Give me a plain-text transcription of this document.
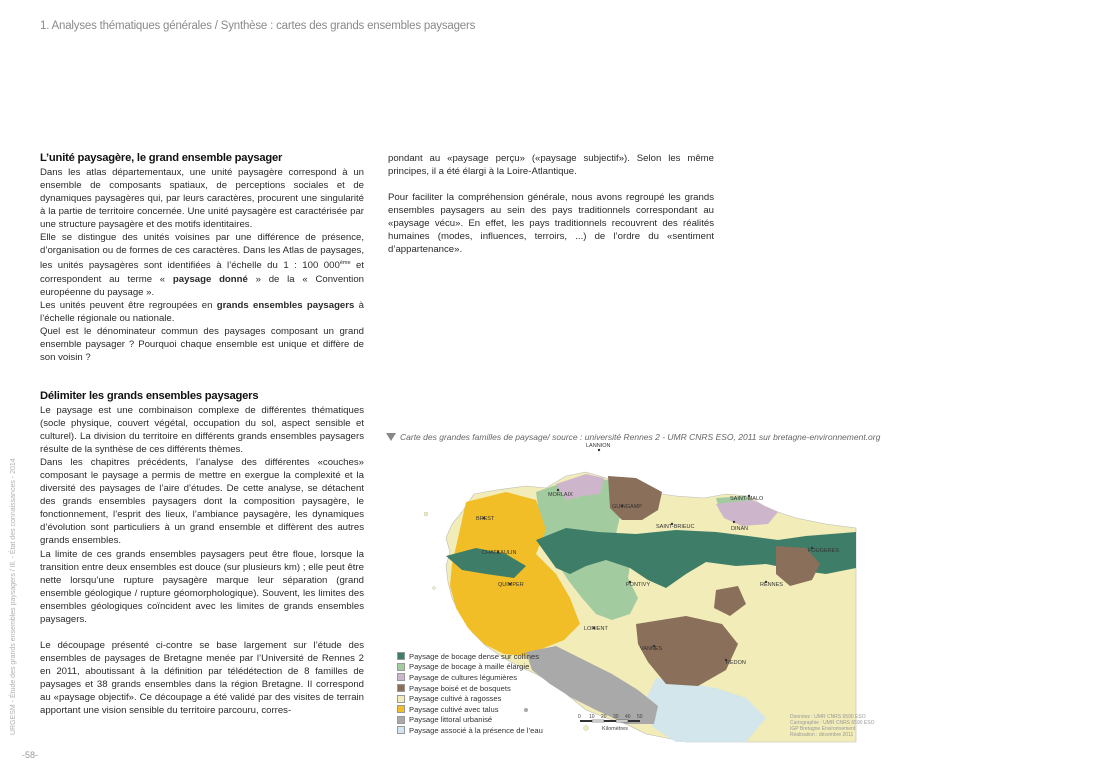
1. Analyses thématiques générales / Synthèse : cartes des grands ensembles paysagers
URGESM - Étude des grands ensembles paysagers / Ill. - État des connaissances - 2014
-58-
L’unité paysagère, le grand ensemble paysager

Dans les atlas départementaux, une unité paysagère correspond à un ensemble de composants spatiaux, de perceptions sociales et de dynamiques paysagères qui, par leurs caractères, procurent une singularité à la partie de territoire concernée. Une unité paysagère est caractérisée par une structure paysagère et des motifs identitaires.

Elle se distingue des unités voisines par une différence de présence, d’organisation ou de formes de ces caractères. Dans les Atlas de paysages, les unités paysagères sont identifiées à l’échelle du 1 : 100 000ème et correspondent au terme « paysage donné » de la « Convention européenne du paysage ».

Les unités peuvent être regroupées en grands ensembles paysagers à l’échelle régionale ou nationale.

Quel est le dénominateur commun des paysages composant un grand ensemble paysager ? Pourquoi chaque ensemble est unique et diffère de son voisin ?

Délimiter les grands ensembles paysagers

Le paysage est une combinaison complexe de différentes thématiques (socle physique, couvert végétal, occupation du sol, aspect sensible et culturel). La division du territoire en différents grands ensembles paysagers résulte de la synthèse de ces différents thèmes.

Dans les chapitres précédents, l’analyse des différentes «couches» composant le paysage a permis de mettre en exergue la complexité et la diversité des paysages de l’aire d’études. De cette analyse, se détachent des grands ensembles paysagers dont la composition paysagère, le fonctionnement, l’esprit des lieux, l’ambiance paysagère, les dynamiques d’évolution sont particuliers à un grand ensemble et diffèrent des autres grands ensembles.

La limite de ces grands ensembles paysagers peut être floue, lorsque la transition entre deux ensembles est douce (sur plusieurs km) ; elle peut être nette lorsqu’une rupture paysagère marque leur séparation (grand ensemble géologique / rupture géomorphologique). Souvent, les limites des ensembles géologiques coïncident avec les limites de grands ensembles paysagers.

Le découpage présenté ci-contre se base largement sur l’étude des ensembles de paysages de Bretagne menée par l’Université de Rennes 2 en 2011, aboutissant à la définition par télédétection de 8 familles de paysages et 38 grands ensembles dans la région Bretagne. Il correspond au «paysage objectif». Ce découpage a été validé par des visites de terrain apportant une vision sensible du territoire parcouru, corres-

pondant au «paysage perçu» («paysage subjectif»). Selon les même principes, il a été élargi à la Loire-Atlantique.

Pour faciliter la compréhension générale, nous avons regroupé les grands ensembles paysagers au sein des pays traditionnels correspondant au «paysage vécu». En effet, les pays traditionnels recouvrent des réalités humaines (modes, influences, terroirs, ...) de l’ordre du «sentiment d’appartenance».

Carte des grandes familles de paysage/ source : université Rennes 2 - UMR CNRS ESO, 2011 sur bretagne-environnement.org
LANNION
MORLAIX
GUINGAMP
SAINT-MALO
BREST
SAINT-BRIEUC	DINAN
CHATEAULIN	FOUGERES
QUIMPER	PONTIVY	RENNES
LORIENT
VANNES
REDON
Paysage de bocage dense sur collines
Paysage de bocage à maille élargie
Paysage de cultures légumières
Paysage boisé et de bosquets
Paysage cultivé à ragosses
Paysage cultivé avec talus
Paysage littoral urbanisé
Paysage associé à la présence de l’eau
0 10 20 30 40 50
Kilomètres
Données : UMR CNRS 6590 ESO
Cartographie : UMR CNRS 6590 ESO
IGP Bretagne Environnement
Réalisation : décembre 2011
